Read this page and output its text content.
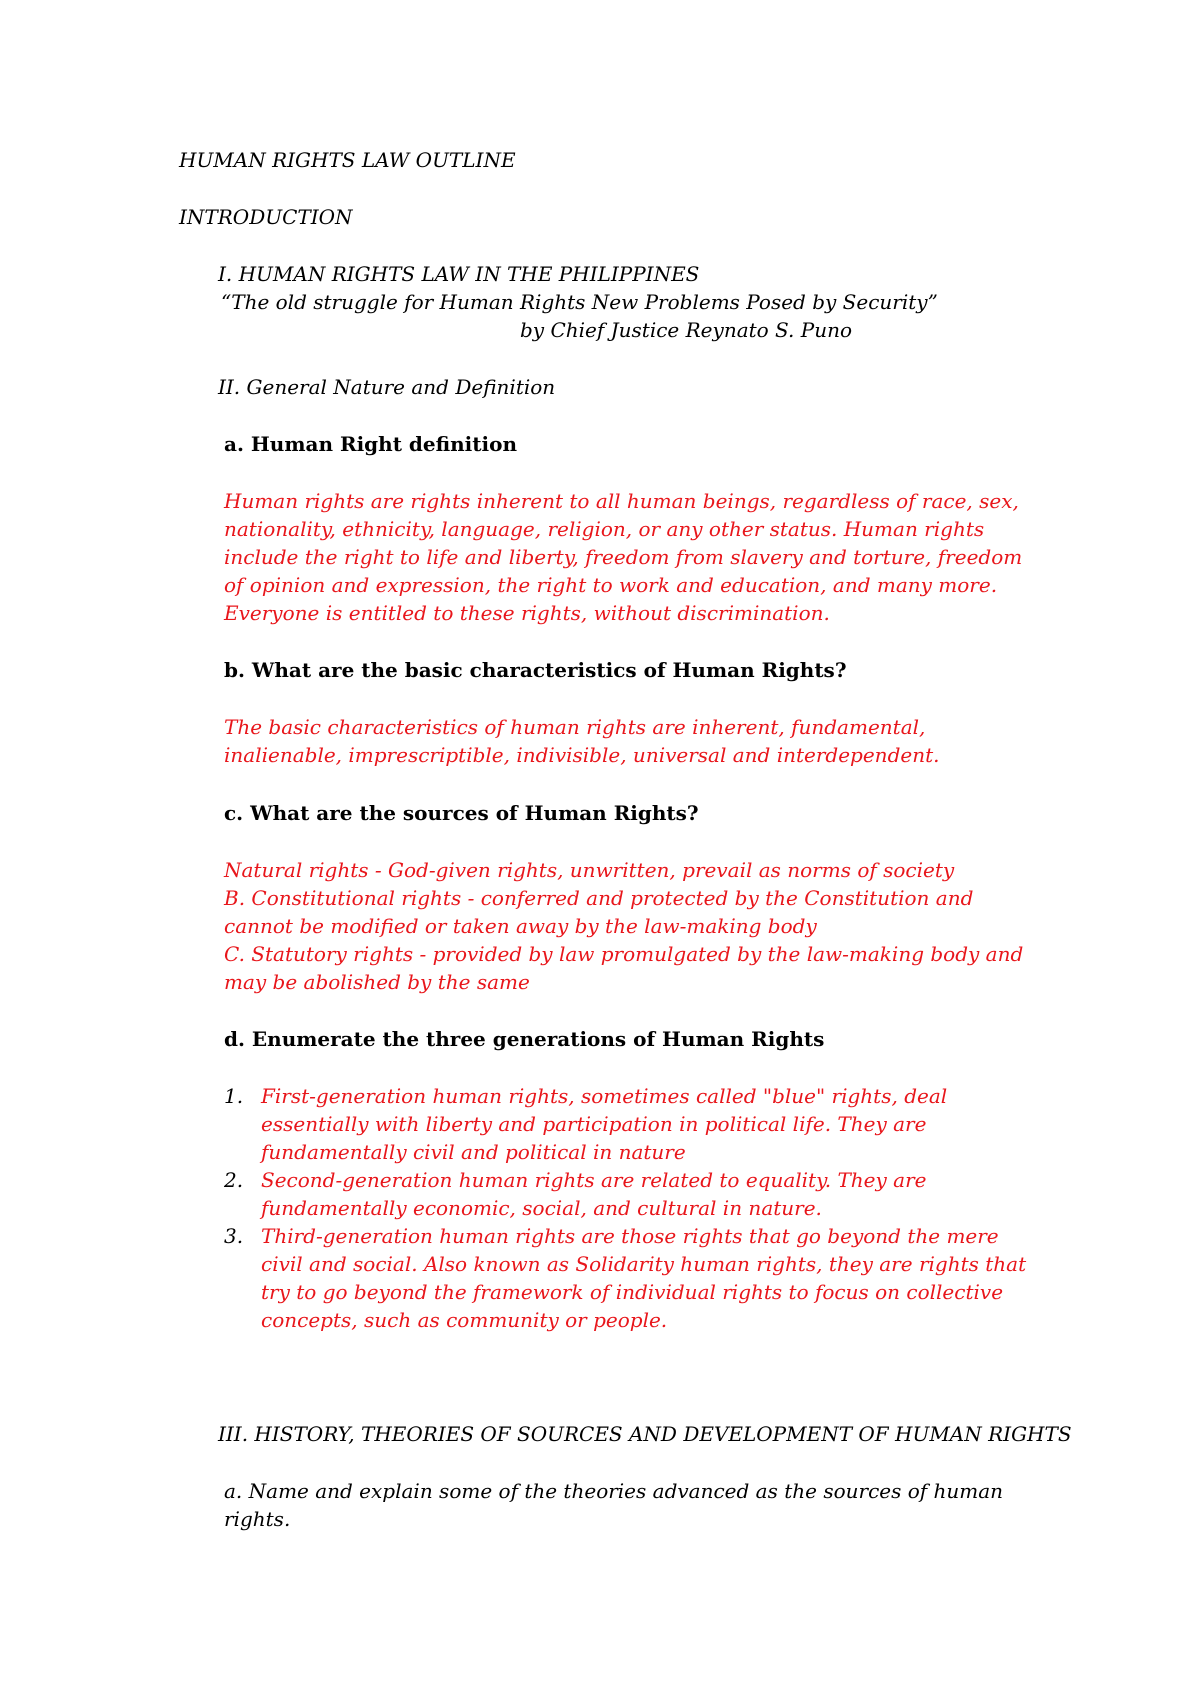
HUMAN RIGHTS LAW OUTLINE
INTRODUCTION
I. HUMAN RIGHTS LAW IN THE PHILIPPINES
“The old struggle for Human Rights New Problems Posed by Security”
by Chief Justice Reynato S. Puno
II. General Nature and Definition
a. Human Right definition
Human rights are rights inherent to all human beings, regardless of race, sex,
nationality, ethnicity, language, religion, or any other status. Human rights
include the right to life and liberty, freedom from slavery and torture, freedom
of opinion and expression, the right to work and education, and many more.
Everyone is entitled to these rights, without discrimination.
b. What are the basic characteristics of Human Rights?
The basic characteristics of human rights are inherent, fundamental,
inalienable, imprescriptible, indivisible, universal and interdependent.
c. What are the sources of Human Rights?
Natural rights - God-given rights, unwritten, prevail as norms of society
B. Constitutional rights - conferred and protected by the Constitution and
cannot be modified or taken away by the law-making body
C. Statutory rights - provided by law promulgated by the law-making body and
may be abolished by the same
d. Enumerate the three generations of Human Rights
1. First-generation human rights, sometimes called "blue" rights, deal
essentially with liberty and participation in political life. They are
fundamentally civil and political in nature
2. Second-generation human rights are related to equality. They are
fundamentally economic, social, and cultural in nature.
3. Third-generation human rights are those rights that go beyond the mere
civil and social. Also known as Solidarity human rights, they are rights that
try to go beyond the framework of individual rights to focus on collective
concepts, such as community or people.
III. HISTORY, THEORIES OF SOURCES AND DEVELOPMENT OF HUMAN RIGHTS
a. Name and explain some of the theories advanced as the sources of human
rights.
